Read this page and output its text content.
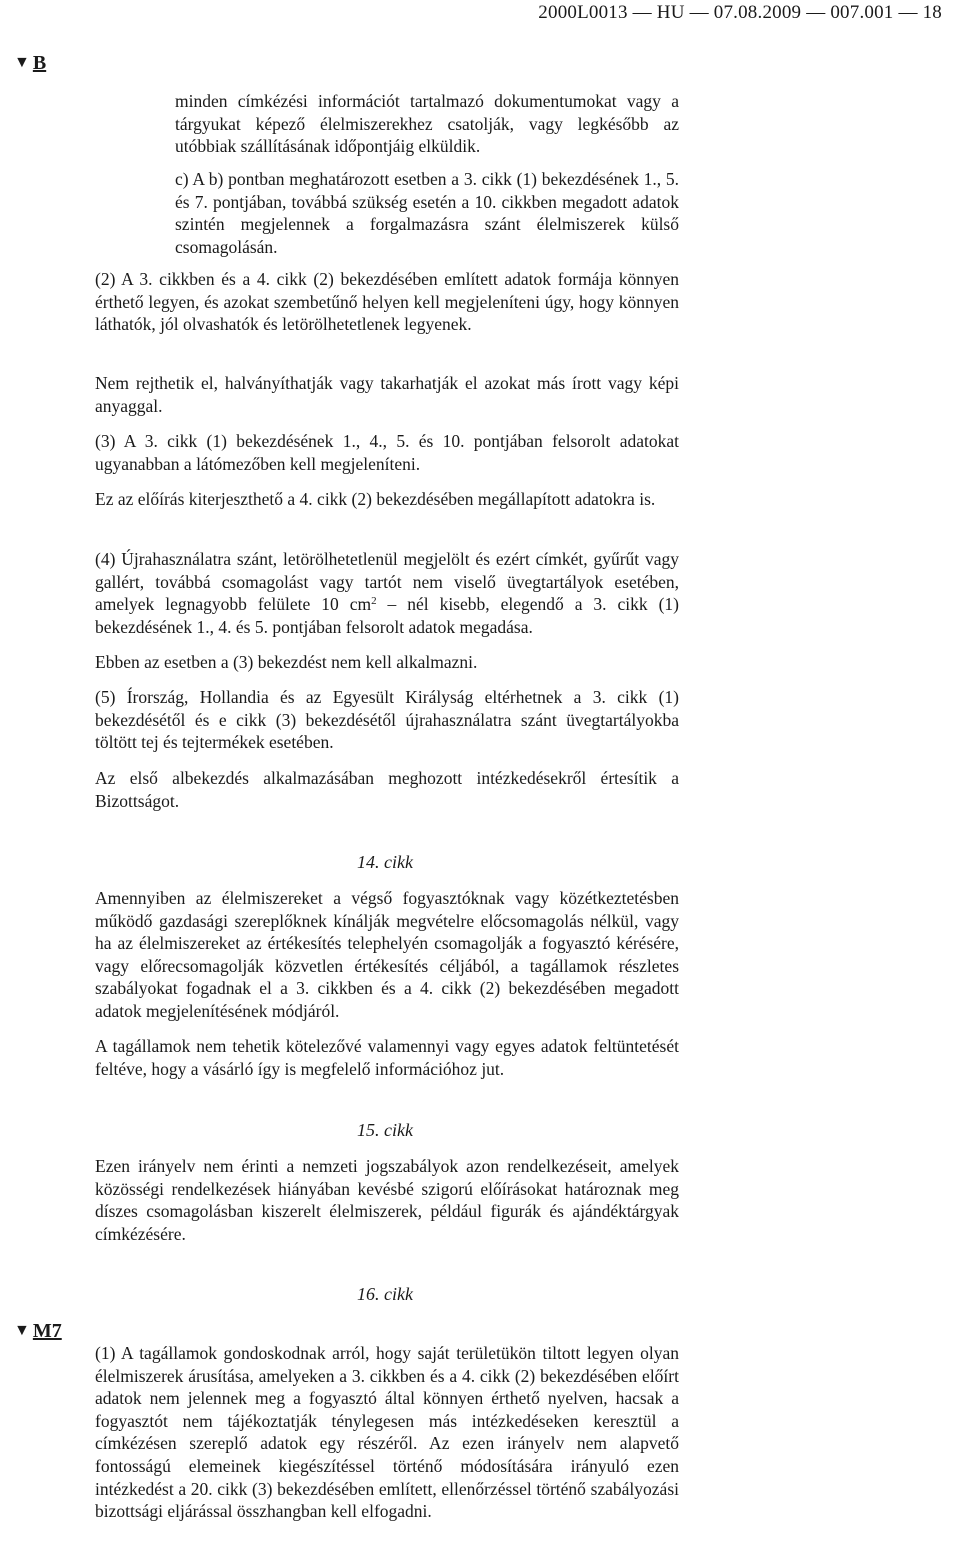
2000L0013 — HU — 07.08.2009 — 007.001 — 18
▼ B

minden címkézési információt tartalmazó dokumentumokat vagy a tárgyukat képező élelmiszerekhez csatolják, vagy legkésőbb az utóbbiak szállításának időpontjáig elküldik.

c) A b) pontban meghatározott esetben a 3. cikk (1) bekezdésének 1., 5. és 7. pontjában, továbbá szükség esetén a 10. cikkben megadott adatok szintén megjelennek a forgalmazásra szánt élelmiszerek külső csomagolásán.

(2) A 3. cikkben és a 4. cikk (2) bekezdésében említett adatok formája könnyen érthető legyen, és azokat szembetűnő helyen kell megjeleníteni úgy, hogy könnyen láthatók, jól olvashatók és letörölhetetlenek legyenek.

Nem rejthetik el, halványíthatják vagy takarhatják el azokat más írott vagy képi anyaggal.

(3) A 3. cikk (1) bekezdésének 1., 4., 5. és 10. pontjában felsorolt adatokat ugyanabban a látómezőben kell megjeleníteni.

Ez az előírás kiterjeszthető a 4. cikk (2) bekezdésében megállapított adatokra is.

(4) Újrahasználatra szánt, letörölhetetlenül megjelölt és ezért címkét, gyűrűt vagy gallért, továbbá csomagolást vagy tartót nem viselő üvegtartályok esetében, amelyek legnagyobb felülete 10 $cm^2$ – nél kisebb, elegendő a 3. cikk (1) bekezdésének 1., 4. és 5. pontjában felsorolt adatok megadása.

Ebben az esetben a (3) bekezdést nem kell alkalmazni.

(5) Írország, Hollandia és az Egyesült Királyság eltérhetnek a 3. cikk (1) bekezdésétől és e cikk (3) bekezdésétől újrahasználatra szánt üvegtartályokba töltött tej és tejtermékek esetében.

Az első albekezdés alkalmazásában meghozott intézkedésekről értesítik a Bizottságot.

14. cikk

Amennyiben az élelmiszereket a végső fogyasztóknak vagy közétkeztetésben működő gazdasági szereplőknek kínálják megvételre előcsomagolás nélkül, vagy ha az élelmiszereket az értékesítés telephelyén csomagolják a fogyasztó kérésére, vagy előrecsomagolják közvetlen értékesítés céljából, a tagállamok részletes szabályokat fogadnak el a 3. cikkben és a 4. cikk (2) bekezdésében megadott adatok megjelenítésének módjáról.

A tagállamok nem tehetik kötelezővé valamennyi vagy egyes adatok feltüntetését feltéve, hogy a vásárló így is megfelelő információhoz jut.

15. cikk

Ezen irányelv nem érinti a nemzeti jogszabályok azon rendelkezéseit, amelyek közösségi rendelkezések hiányában kevésbé szigorú előírásokat határoznak meg díszes csomagolásban kiszerelt élelmiszerek, például figurák és ajándéktárgyak címkézésére.

16. cikk
▼ M7

(1) A tagállamok gondoskodnak arról, hogy saját területükön tiltott legyen olyan élelmiszerek árusítása, amelyeken a 3. cikkben és a 4. cikk (2) bekezdésében előírt adatok nem jelennek meg a fogyasztó által könnyen érthető nyelven, hacsak a fogyasztót nem tájékoztatják ténylegesen más intézkedéseken keresztül a címkézésen szereplő adatok egy részéről. Az ezen irányelv nem alapvető fontosságú elemeinek kiegészítéssel történő módosítására irányuló ezen intézkedést a 20. cikk (3) bekezdésében említett, ellenőrzéssel történő szabályozási bizottsági eljárással összhangban kell elfogadni.
